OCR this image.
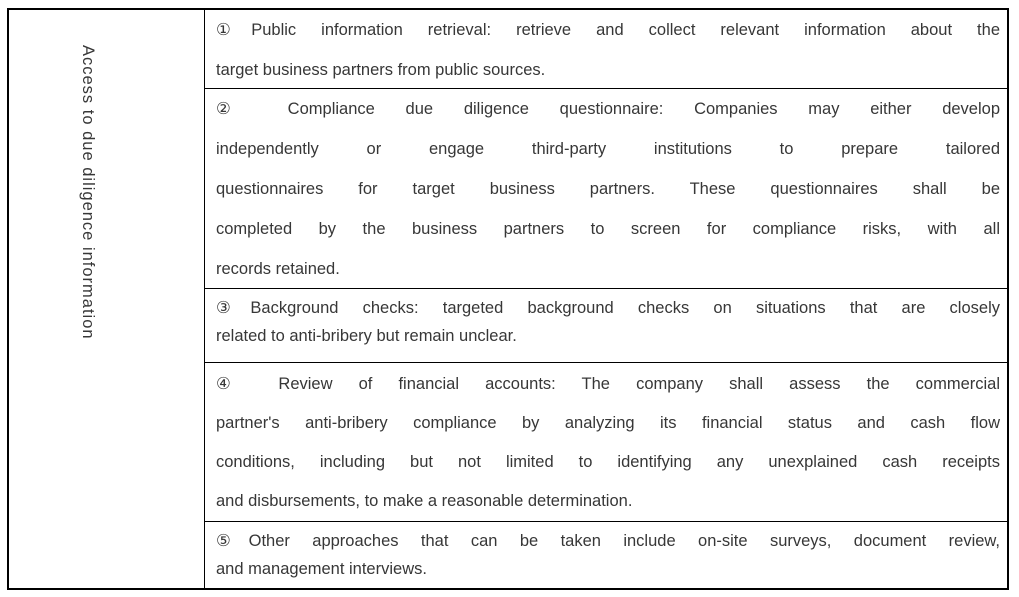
Access to due diligence information
①Public information retrieval: retrieve and collect relevant information about the
target business partners from public sources.
② Compliance due diligence questionnaire: Companies may either develop
independently or engage third-party institutions to prepare tailored
questionnaires for target business partners. These questionnaires shall be
completed by the business partners to screen for compliance risks, with all
records retained.
③Background checks: targeted background checks on situations that are closely
related to anti-bribery but remain unclear.
④ Review of financial accounts: The company shall assess the commercial
partner's anti-bribery compliance by analyzing its financial status and cash flow
conditions, including but not limited to identifying any unexplained cash receipts
and disbursements, to make a reasonable determination.
⑤Other approaches that can be taken include on-site surveys, document review,
and management interviews.
